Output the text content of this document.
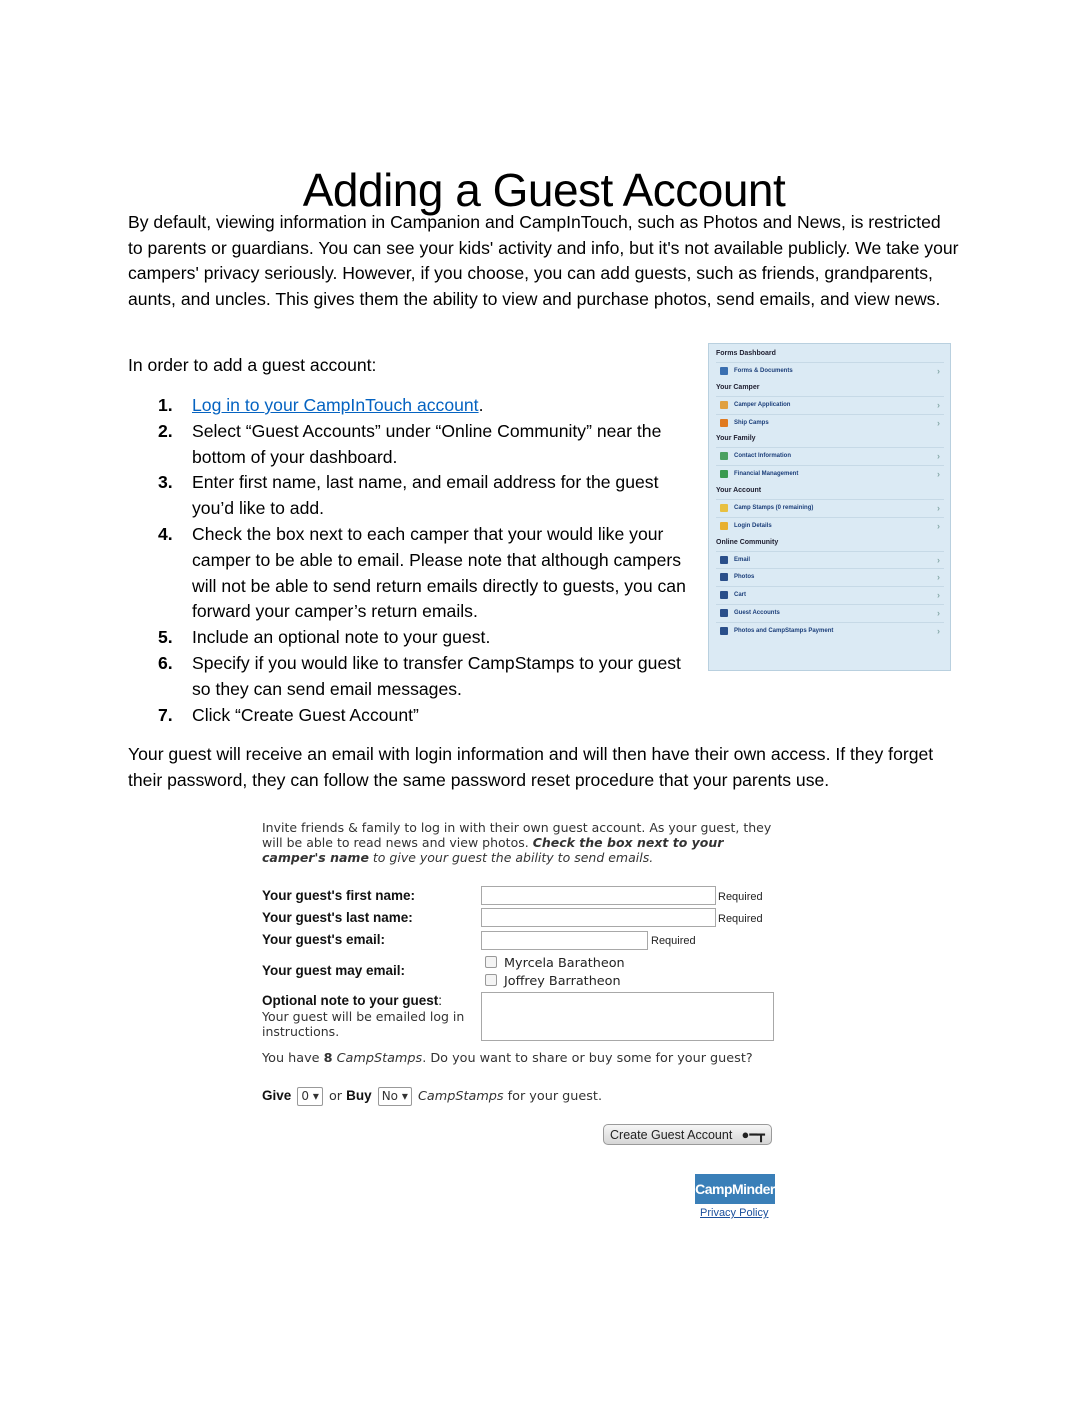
Adding a Guest Account
By default, viewing information in Campanion and CampInTouch, such as Photos and News, is restricted to parents or guardians. You can see your kids' activity and info, but it's not available publicly. We take your campers' privacy seriously. However, if you choose, you can add guests, such as friends, grandparents, aunts, and uncles. This gives them the ability to view and purchase photos, send emails, and view news.
In order to add a guest account:
1. Log in to your CampInTouch account.
2. Select “Guest Accounts” under “Online Community” near the bottom of your dashboard.
3. Enter first name, last name, and email address for the guest you’d like to add.
4. Check the box next to each camper that your would like your camper to be able to email. Please note that although campers will not be able to send return emails directly to guests, you can forward your camper’s return emails.
5. Include an optional note to your guest.
6. Specify if you would like to transfer CampStamps to your guest so they can send email messages.
7. Click “Create Guest Account”
Your guest will receive an email with login information and will then have their own access. If they forget their password, they can follow the same password reset procedure that your parents use.
Forms Dashboard
Forms & Documents	›
Your Camper
Camper Application	›
Ship Camps	›
Your Family
Contact Information	›
Financial Management	›
Your Account
Camp Stamps (0 remaining)	›
Login Details	›
Online Community
Email	›
Photos	›
Cart	›
Guest Accounts	›
Photos and CampStamps Payment	›
Invite friends & family to log in with their own guest account. As your guest, they will be able to read news and view photos. Check the box next to your camper's name to give your guest the ability to send emails.
Your guest's first name:	Required
Your guest's last name:	Required
Your guest's email:	Required
Your guest may email:	Myrcela Baratheon
Joffrey Barratheon
Optional note to your guest:
Your guest will be emailed log in instructions.
You have 8 CampStamps. Do you want to share or buy some for your guest?
Give 0 ▾ or Buy No ▾ CampStamps for your guest.
Create Guest Account ●━┳
CampMinder
Privacy Policy
